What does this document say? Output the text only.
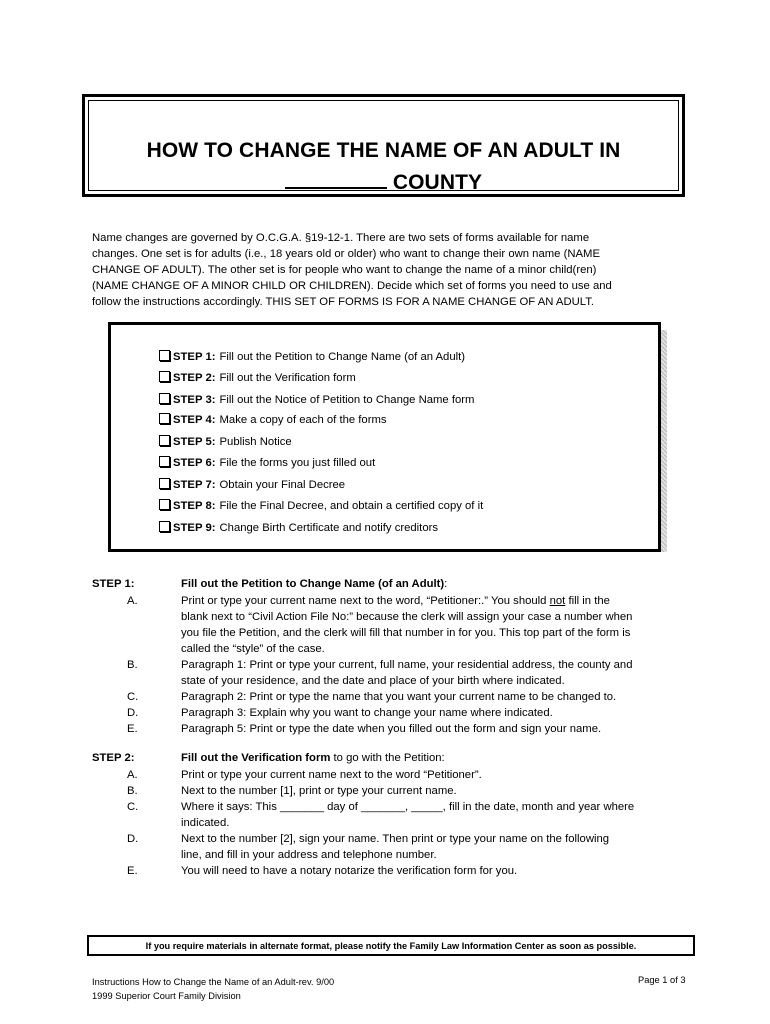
HOW TO CHANGE THE NAME OF AN ADULT IN
COUNTY

Name changes are governed by O.C.G.A. §19-12-1. There are two sets of forms available for name

changes. One set is for adults (i.e., 18 years old or older) who want to change their own name (NAME

CHANGE OF ADULT). The other set is for people who want to change the name of a minor child(ren)

(NAME CHANGE OF A MINOR CHILD OR CHILDREN). Decide which set of forms you need to use and

follow the instructions accordingly. THIS SET OF FORMS IS FOR A NAME CHANGE OF AN ADULT.

STEP 1: Fill out the Petition to Change Name (of an Adult)
STEP 2: Fill out the Verification form
STEP 3: Fill out the Notice of Petition to Change Name form
STEP 4: Make a copy of each of the forms
STEP 5: Publish Notice
STEP 6: File the forms you just filled out
STEP 7: Obtain your Final Decree
STEP 8: File the Final Decree, and obtain a certified copy of it
STEP 9: Change Birth Certificate and notify creditors
STEP 1:	Fill out the Petition to Change Name (of an Adult):
A.	Print or type your current name next to the word, “Petitioner:.” You should not fill in the
blank next to “Civil Action File No:” because the clerk will assign your case a number when
you file the Petition, and the clerk will fill that number in for you. This top part of the form is
called the “style” of the case.
B.	Paragraph 1: Print or type your current, full name, your residential address, the county and
state of your residence, and the date and place of your birth where indicated.
C.	Paragraph 2: Print or type the name that you want your current name to be changed to.
D.	Paragraph 3: Explain why you want to change your name where indicated.
E.	Paragraph 5: Print or type the date when you filled out the form and sign your name.
STEP 2:	Fill out the Verification form to go with the Petition:
A.	Print or type your current name next to the word “Petitioner”.
B.	Next to the number [1], print or type your current name.
C.	Where it says: This _______ day of _______, _____, fill in the date, month and year where
indicated.
D.	Next to the number [2], sign your name. Then print or type your name on the following
line, and fill in your address and telephone number.
E.	You will need to have a notary notarize the verification form for you.
If you require materials in alternate format, please notify the Family Law Information Center as soon as possible.
Instructions How to Change the Name of an Adult-rev. 9/00
1999 Superior Court Family Division
Page 1 of 3
